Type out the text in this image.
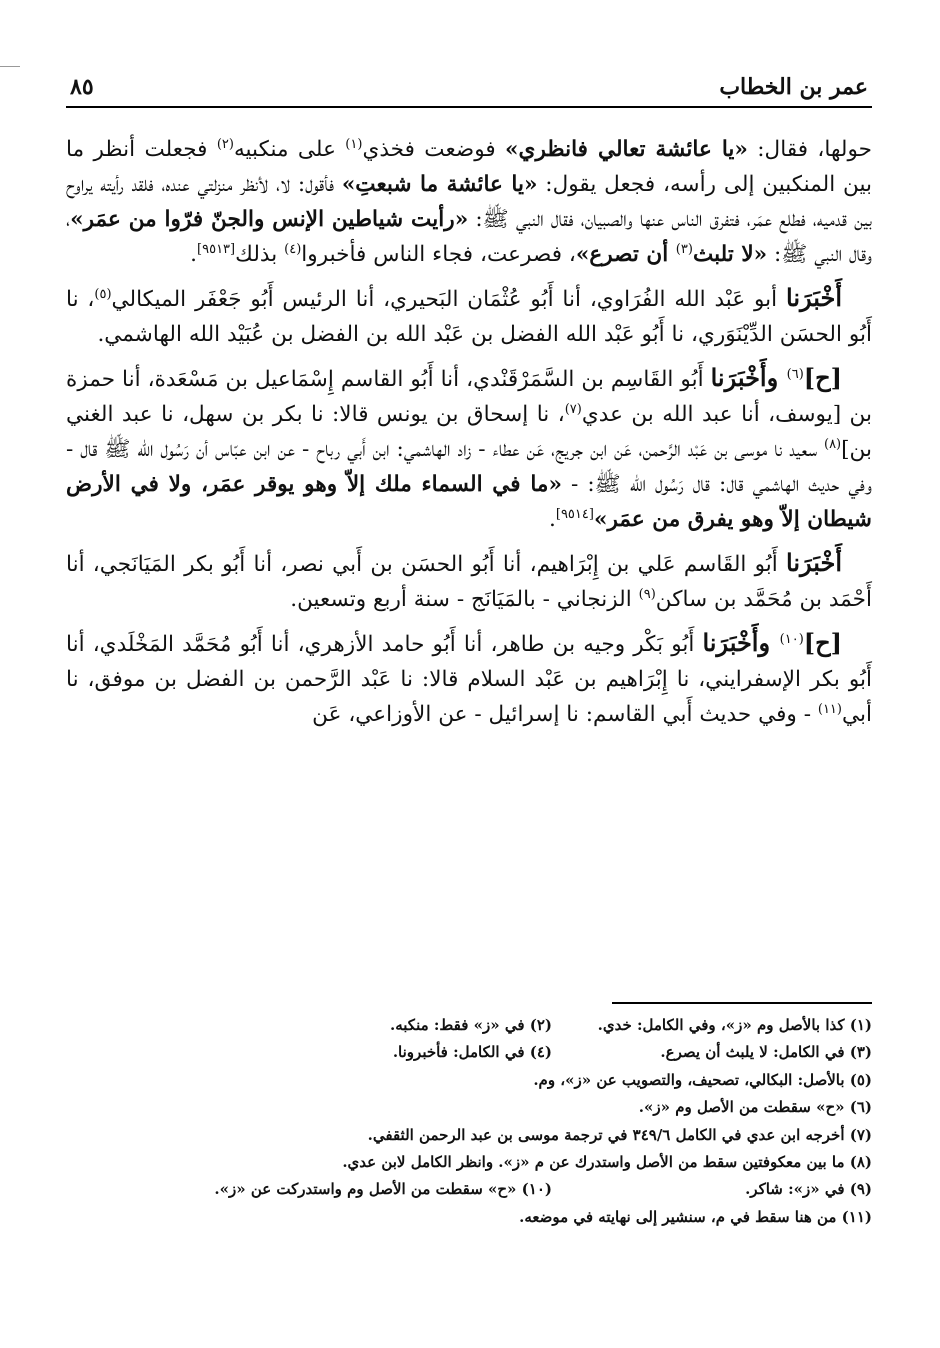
عمر بن الخطاب
٨٥

حولها، فقال: «يا عائشة تعالي فانظري» فوضعت فخذي$^{(١)}$ على منكبيه$^{(٢)}$ فجعلت أنظر ما بين المنكبين إلى رأسه، فجعل يقول: «يا عائشة ما شبعتِ» فأقول: لا، لأنظر منزلتي عنده، فلقد رأيته يراوح بين قدميه، فطلع عمَر، فتفرق الناس عنها والصبيان، فقال النبي ﷺ: «رأيت شياطين الإنس والجنّ فرّوا من عمَر»، وقال النبي ﷺ: «لا تلبث$^{(٣)}$ أن تصرع»، فصرعت، فجاء الناس فأخبروا$^{(٤)}$ بذلك[٩٥١٣].

أَخْبَرَنا أبو عَبْد الله الفُرَاوي، أنا أَبُو عُثْمَان البَحيري، أنا الرئيس أَبُو جَعْفَر الميكالي$^{(٥)}$، نا أَبُو الحسَن الدِّيْنَوَري، نا أَبُو عَبْد الله الفضل بن عَبْد الله بن الفضل بن عُبَيْد الله الهاشمي.

[ح]$^{(٦)}$ وأَخْبَرَنا أَبُو القَاسِم بن السَّمَرْقَنْدي، أنا أَبُو القاسم إِسْمَاعيل بن مَسْعَدة، أنا حمزة بن [يوسف، أنا عبد الله بن عدي$^{(٧)}$، نا إسحاق بن يونس قالا: نا بكر بن سهل، نا عبد الغني بن]$^{(٨)}$ سعيد نا موسى بن عَبْد الرَّحمن، عَن ابن جريج، عَن عطاء - زاد الهاشمي: ابن أَبي رباح - عن ابن عبّاس أن رَسُول الله ﷺ قال - وفي حديث الهاشمي قال: قال رَسُول الله ﷺ: - «ما في السماء ملك إلاّ وهو يوقر عمَر، ولا في الأرض شيطان إلاّ وهو يفرق من عمَر»[٩٥١٤].

أَخْبَرَنا أَبُو القَاسم عَلي بن إِبْرَاهيم، أنا أَبُو الحسَن بن أَبي نصر، أنا أَبُو بكر المَيَانَجي، أنا أَحْمَد بن مُحَمَّد بن ساكن$^{(٩)}$ الزنجاني - بالمَيَانَج - سنة أربع وتسعين.

[ح]$^{(١٠)}$ وأَخْبَرَنا أَبُو بَكْر وجيه بن طاهر، أنا أَبُو حامد الأزهري، أنا أَبُو مُحَمَّد المَخْلَدي، أنا أَبُو بكر الإسفرايني، نا إِبْرَاهيم بن عَبْد السلام قالا: نا عَبْد الرَّحمن بن الفضل بن موفق، نا أبي$^{(١١)}$ - وفي حديث أَبي القاسم: نا إسرائيل - عن الأوزاعي، عَن

(١) كذا بالأصل وم «ز»، وفي الكامل: خدي.
(٢) في «ز» فقط: منكبه.
(٣) في الكامل: لا يلبث أن يصرع.
(٤) في الكامل: فأخبرونا.
(٥) بالأصل: البكالي، تصحيف، والتصويب عن «ز»، وم.
(٦) «ح» سقطت من الأصل وم «ز».
(٧) أخرجه ابن عدي في الكامل ٣٤٩/٦ في ترجمة موسى بن عبد الرحمن الثقفي.
(٨) ما بين معكوفتين سقط من الأصل واستدرك عن م «ز». وانظر الكامل لابن عدي.
(٩) في «ز»: شاكر.
(١٠) «ح» سقطت من الأصل وم واستدركت عن «ز».
(١١) من هنا سقط في م، سنشير إلى نهايته في موضعه.
